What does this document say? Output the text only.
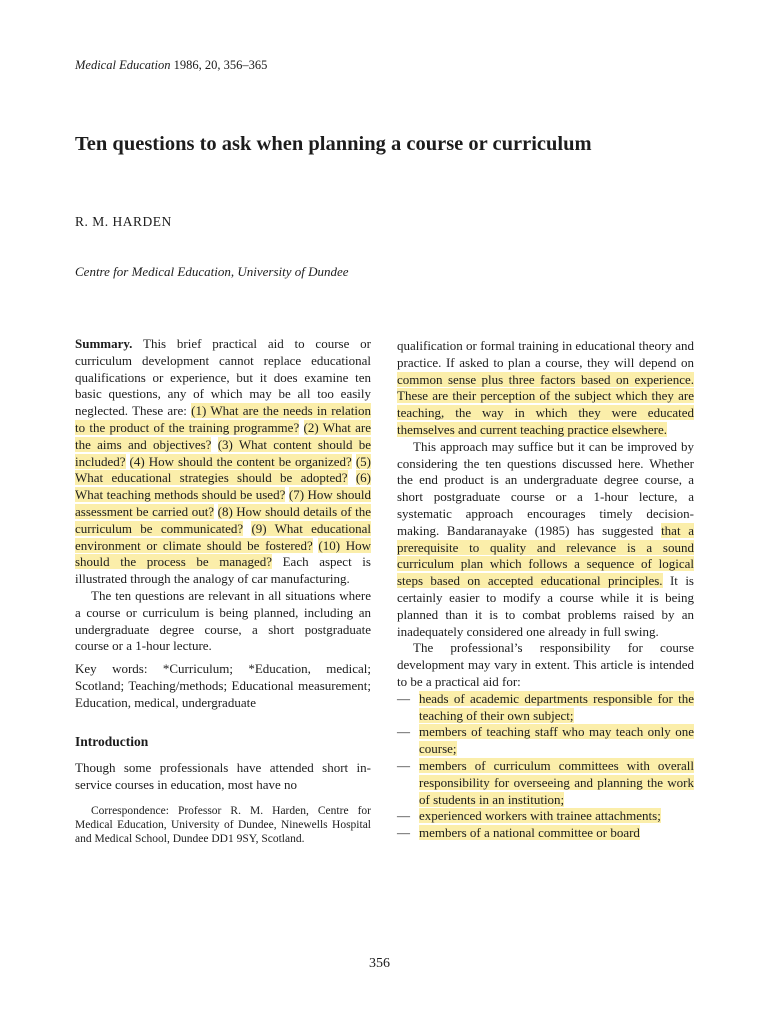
Medical Education 1986, 20, 356–365
Ten questions to ask when planning a course or curriculum
R. M. HARDEN
Centre for Medical Education, University of Dundee

Summary. This brief practical aid to course or curriculum development cannot replace educational qualifications or experience, but it does examine ten basic questions, any of which may be all too easily neglected. These are: (1) What are the needs in relation to the product of the training programme? (2) What are the aims and objectives? (3) What content should be included? (4) How should the content be organized? (5) What educational strategies should be adopted? (6) What teaching methods should be used? (7) How should assessment be carried out? (8) How should details of the curriculum be communicated? (9) What educational environment or climate should be fostered? (10) How should the process be managed? Each aspect is illustrated through the analogy of car manufacturing.

The ten questions are relevant in all situations where a course or curriculum is being planned, including an undergraduate degree course, a short postgraduate course or a 1-hour lecture.

Key words: *Curriculum; *Education, medical; Scotland; Teaching/methods; Educational measurement; Education, medical, undergraduate

Introduction

Though some professionals have attended short in-service courses in education, most have no

Correspondence: Professor R. M. Harden, Centre for Medical Education, University of Dundee, Ninewells Hospital and Medical School, Dundee DD1 9SY, Scotland.

qualification or formal training in educational theory and practice. If asked to plan a course, they will depend on common sense plus three factors based on experience. These are their perception of the subject which they are teaching, the way in which they were educated themselves and current teaching practice elsewhere.

This approach may suffice but it can be improved by considering the ten questions discussed here. Whether the end product is an undergraduate degree course, a short postgraduate course or a 1-hour lecture, a systematic approach encourages timely decision-making. Bandaranayake (1985) has suggested that a prerequisite to quality and relevance is a sound curriculum plan which follows a sequence of logical steps based on accepted educational principles. It is certainly easier to modify a course while it is being planned than it is to combat problems raised by an inadequately considered one already in full swing.

The professional’s responsibility for course development may vary in extent. This article is intended to be a practical aid for:

— heads of academic departments responsible for the teaching of their own subject;
— members of teaching staff who may teach only one course;
— members of curriculum committees with overall responsibility for overseeing and planning the work of students in an institution;
— experienced workers with trainee attachments;
— members of a national committee or board
356
